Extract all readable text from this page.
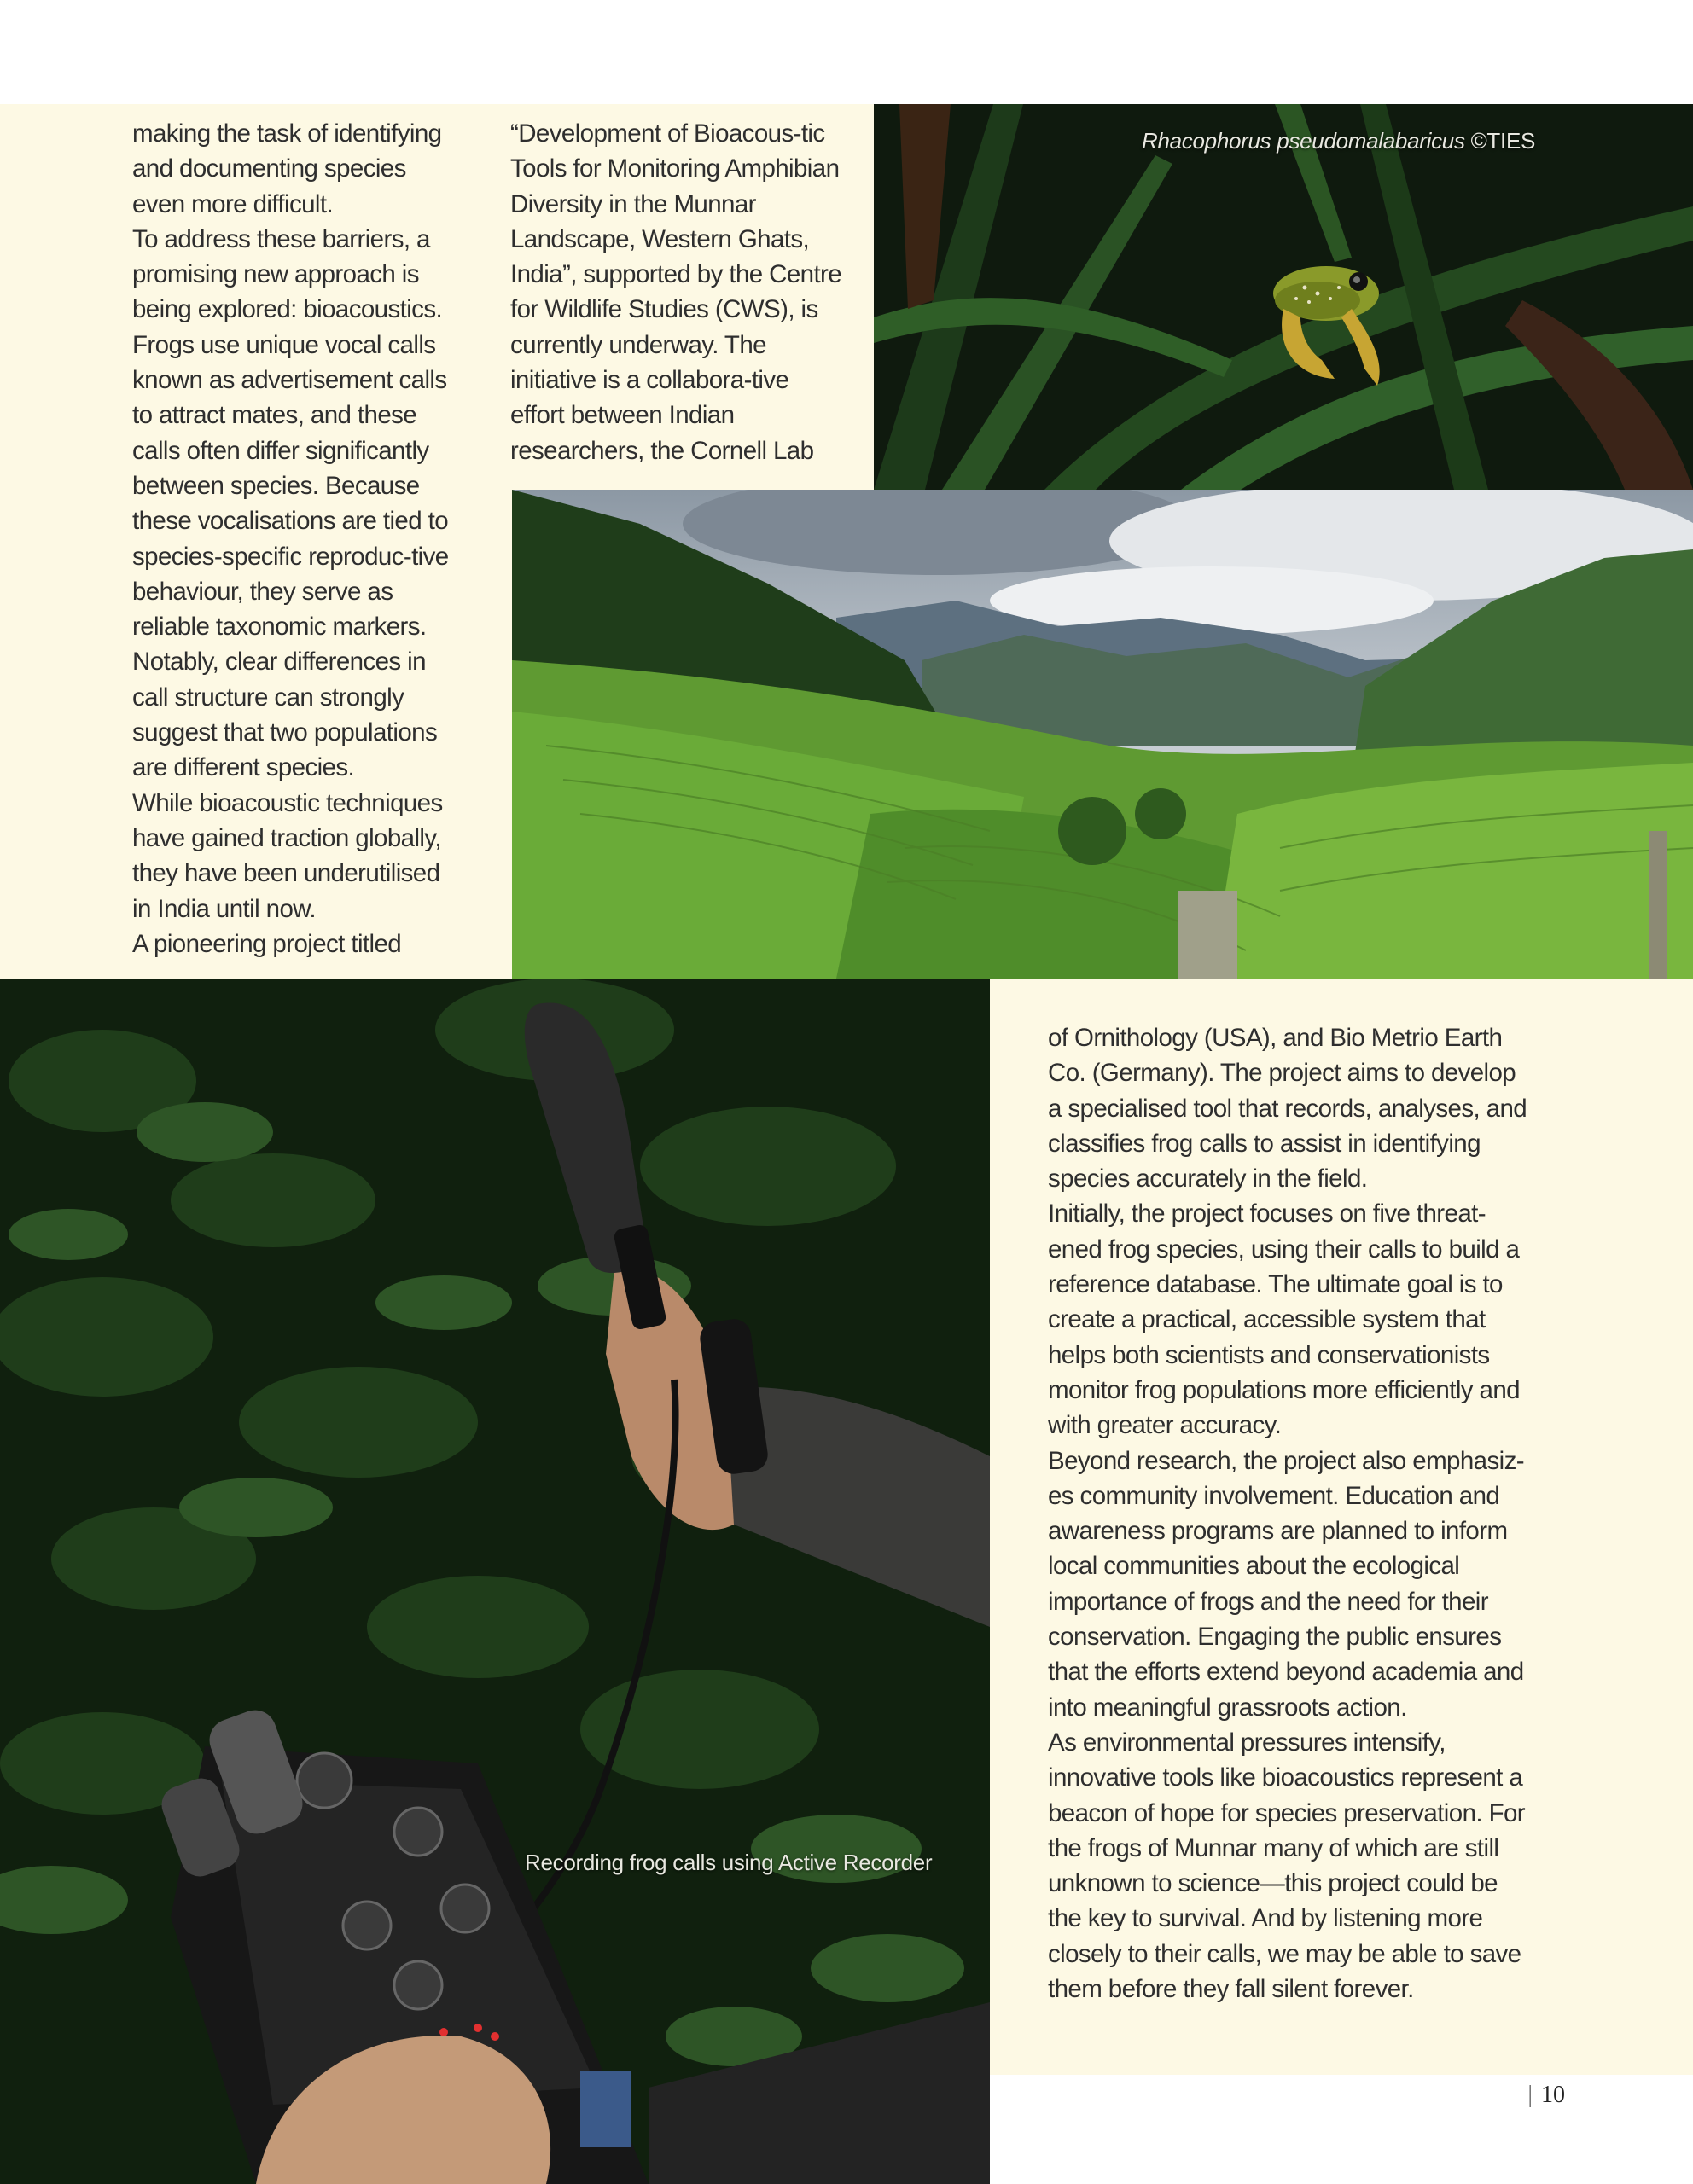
Rhacophorus pseudomalabaricus ©TIES
Recording frog calls using Active Recorder

making the task of identifying and documenting species even more difficult.

To address these barriers, a promising new approach is being explored: bioacoustics. Frogs use unique vocal calls known as advertisement calls to attract mates, and these calls often differ significantly between species. Because these vocalisations are tied to species-specific reproduc-tive behaviour, they serve as reliable taxonomic markers. Notably, clear differences in call structure can strongly suggest that two populations are different species.

While bioacoustic techniques have gained traction globally, they have been underutilised in India until now.

A pioneering project titled

“Development of Bioacous-tic Tools for Monitoring Amphibian Diversity in the Munnar Landscape, Western Ghats, India”, supported by the Centre for Wildlife Studies (CWS), is currently underway. The initiative is a collabora-tive effort between Indian researchers, the Cornell Lab

of Ornithology (USA), and Bio Metrio Earth Co. (Germany). The project aims to develop a specialised tool that records, analyses, and classifies frog calls to assist in identifying species accurately in the field.

Initially, the project focuses on five threat-ened frog species, using their calls to build a reference database. The ultimate goal is to create a practical, accessible system that helps both scientists and conservationists monitor frog populations more efficiently and with greater accuracy.

Beyond research, the project also emphasiz-es community involvement. Education and awareness programs are planned to inform local communities about the ecological importance of frogs and the need for their conservation. Engaging the public ensures that the efforts extend beyond academia and into meaningful grassroots action.

As environmental pressures intensify, innovative tools like bioacoustics represent a beacon of hope for species preservation. For the frogs of Munnar many of which are still unknown to science—this project could be the key to survival. And by listening more closely to their calls, we may be able to save them before they fall silent forever.

| 10
